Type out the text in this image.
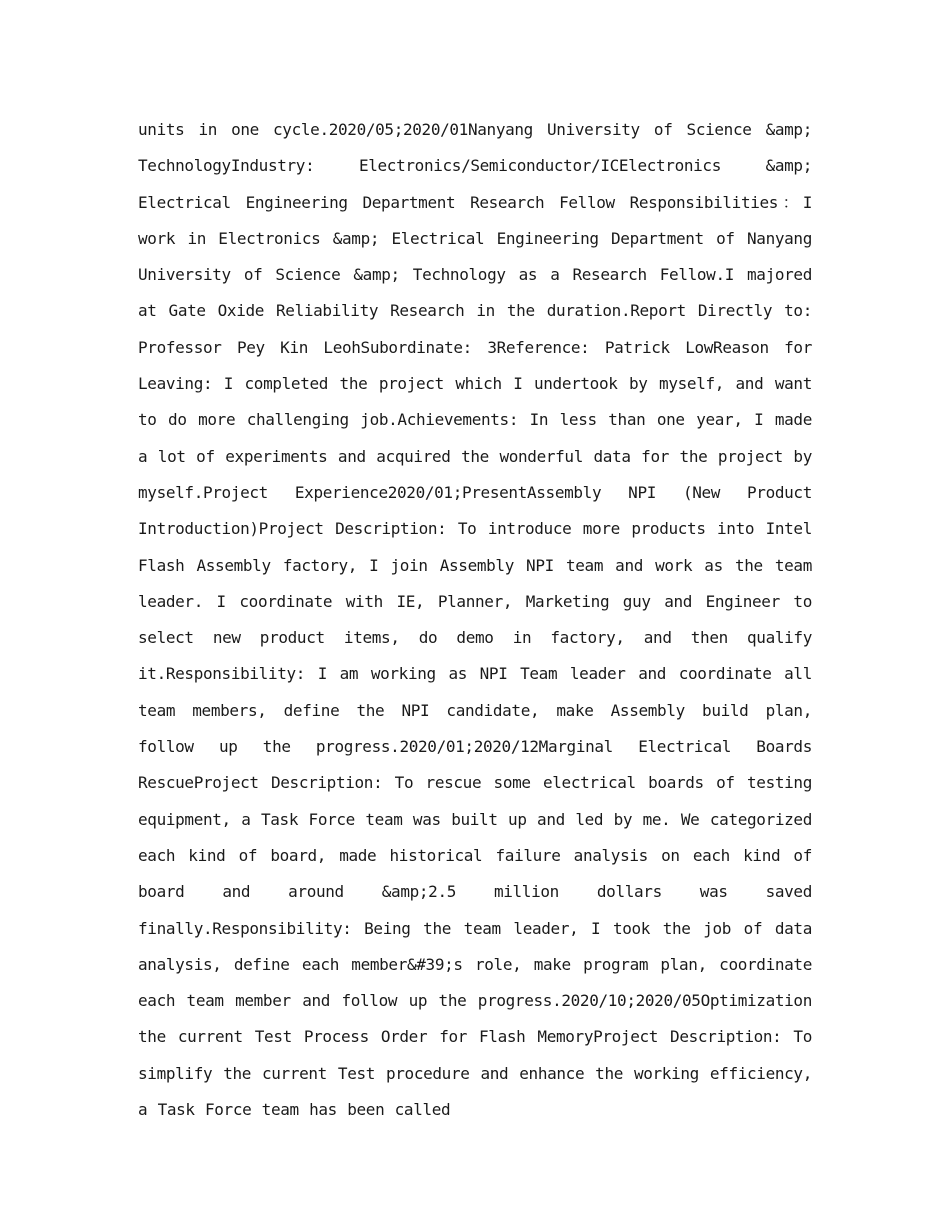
units in one cycle.2020/05;2020/01Nanyang University of Science &amp; TechnologyIndustry: Electronics/Semiconductor/ICElectronics &amp; Electrical Engineering Department Research Fellow Responsibilities：I work in Electronics &amp; Electrical Engineering Department of Nanyang University of Science &amp; Technology as a Research Fellow.I majored at Gate Oxide Reliability Research in the duration.Report Directly to: Professor Pey Kin LeohSubordinate: 3Reference: Patrick LowReason for Leaving: I completed the project which I undertook by myself, and want to do more challenging job.Achievements: In less than one year, I made a lot of experiments and acquired the wonderful data for the project by myself.Project Experience2020/01;PresentAssembly NPI (New Product Introduction)Project Description: To introduce more products into Intel Flash Assembly factory, I join Assembly NPI team and work as the team leader. I coordinate with IE, Planner, Marketing guy and Engineer to select new product items, do demo in factory, and then qualify it.Responsibility: I am working as NPI Team leader and coordinate all team members, define the NPI candidate, make Assembly build plan, follow up the progress.2020/01;2020/12Marginal Electrical Boards RescueProject Description: To rescue some electrical boards of testing equipment, a Task Force team was built up and led by me. We categorized each kind of board, made historical failure analysis on each kind of board and around &amp;2.5 million dollars was saved finally.Responsibility: Being the team leader, I took the job of data analysis, define each member&#39;s role, make program plan, coordinate each team member and follow up the progress.2020/10;2020/05Optimization the current Test Process Order for Flash MemoryProject Description: To simplify the current Test procedure and enhance the working efficiency, a Task Force team has been called
